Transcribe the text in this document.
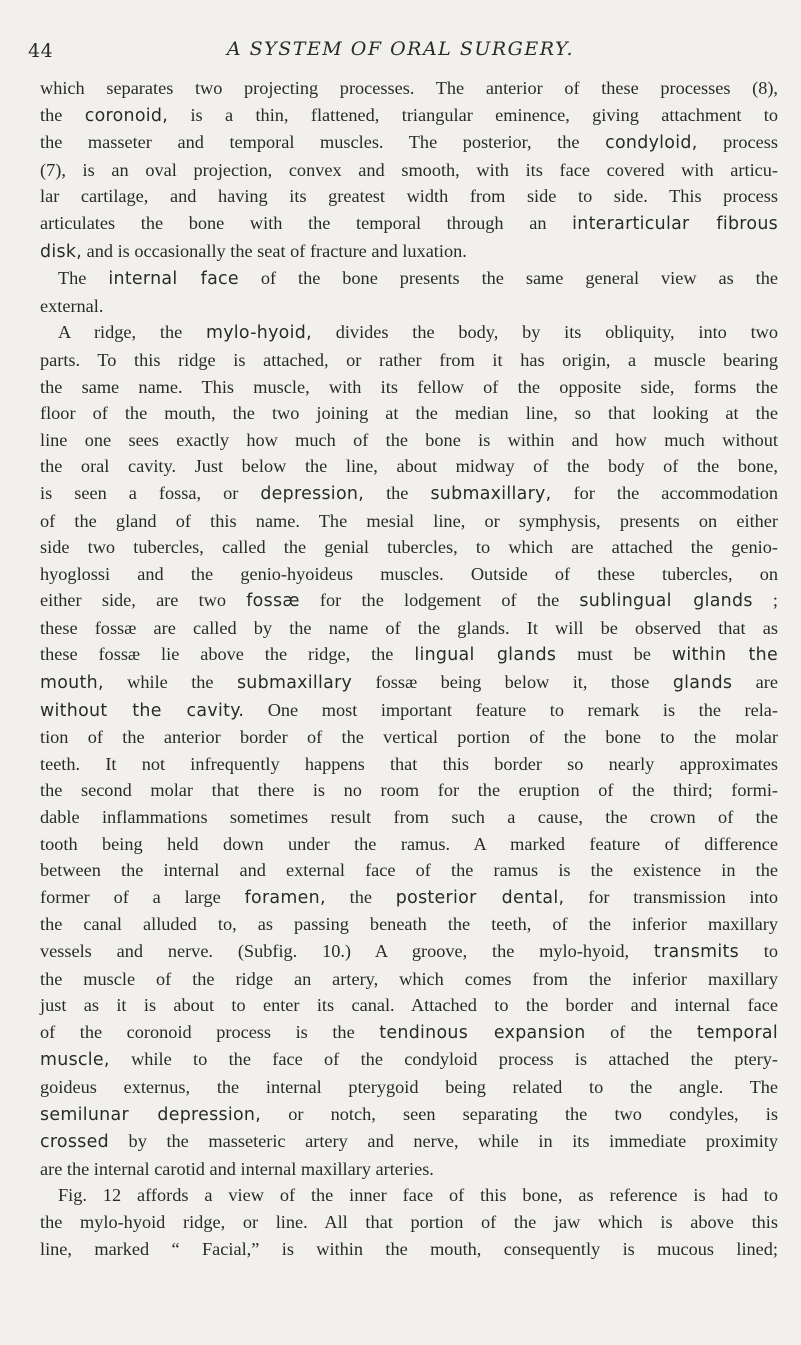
44	A SYSTEM OF ORAL SURGERY.
which separates two projecting processes. The anterior of these processes (8),
the coronoid, is a thin, flattened, triangular eminence, giving attachment to
the masseter and temporal muscles. The posterior, the condyloid, process
(7), is an oval projection, convex and smooth, with its face covered with articu-
lar cartilage, and having its greatest width from side to side. This process
articulates the bone with the temporal through an interarticular fibrous
disk, and is occasionally the seat of fracture and luxation.
The internal face of the bone presents the same general view as the
external.
A ridge, the mylo-hyoid, divides the body, by its obliquity, into two
parts. To this ridge is attached, or rather from it has origin, a muscle bearing
the same name. This muscle, with its fellow of the opposite side, forms the
floor of the mouth, the two joining at the median line, so that looking at the
line one sees exactly how much of the bone is within and how much without
the oral cavity. Just below the line, about midway of the body of the bone,
is seen a fossa, or depression, the submaxillary, for the accommodation
of the gland of this name. The mesial line, or symphysis, presents on either
side two tubercles, called the genial tubercles, to which are attached the genio-
hyoglossi and the genio-hyoideus muscles. Outside of these tubercles, on
either side, are two fossæ for the lodgement of the sublingual glands ;
these fossæ are called by the name of the glands. It will be observed that as
these fossæ lie above the ridge, the lingual glands must be within the
mouth, while the submaxillary fossæ being below it, those glands are
without the cavity. One most important feature to remark is the rela-
tion of the anterior border of the vertical portion of the bone to the molar
teeth. It not infrequently happens that this border so nearly approximates
the second molar that there is no room for the eruption of the third; formi-
dable inflammations sometimes result from such a cause, the crown of the
tooth being held down under the ramus. A marked feature of difference
between the internal and external face of the ramus is the existence in the
former of a large foramen, the posterior dental, for transmission into
the canal alluded to, as passing beneath the teeth, of the inferior maxillary
vessels and nerve. (Subfig. 10.) A groove, the mylo-hyoid, transmits to
the muscle of the ridge an artery, which comes from the inferior maxillary
just as it is about to enter its canal. Attached to the border and internal face
of the coronoid process is the tendinous expansion of the temporal
muscle, while to the face of the condyloid process is attached the ptery-
goideus externus, the internal pterygoid being related to the angle. The
semilunar depression, or notch, seen separating the two condyles, is
crossed by the masseteric artery and nerve, while in its immediate proximity
are the internal carotid and internal maxillary arteries.
Fig. 12 affords a view of the inner face of this bone, as reference is had to
the mylo-hyoid ridge, or line. All that portion of the jaw which is above this
line, marked “ Facial,” is within the mouth, consequently is mucous lined;
